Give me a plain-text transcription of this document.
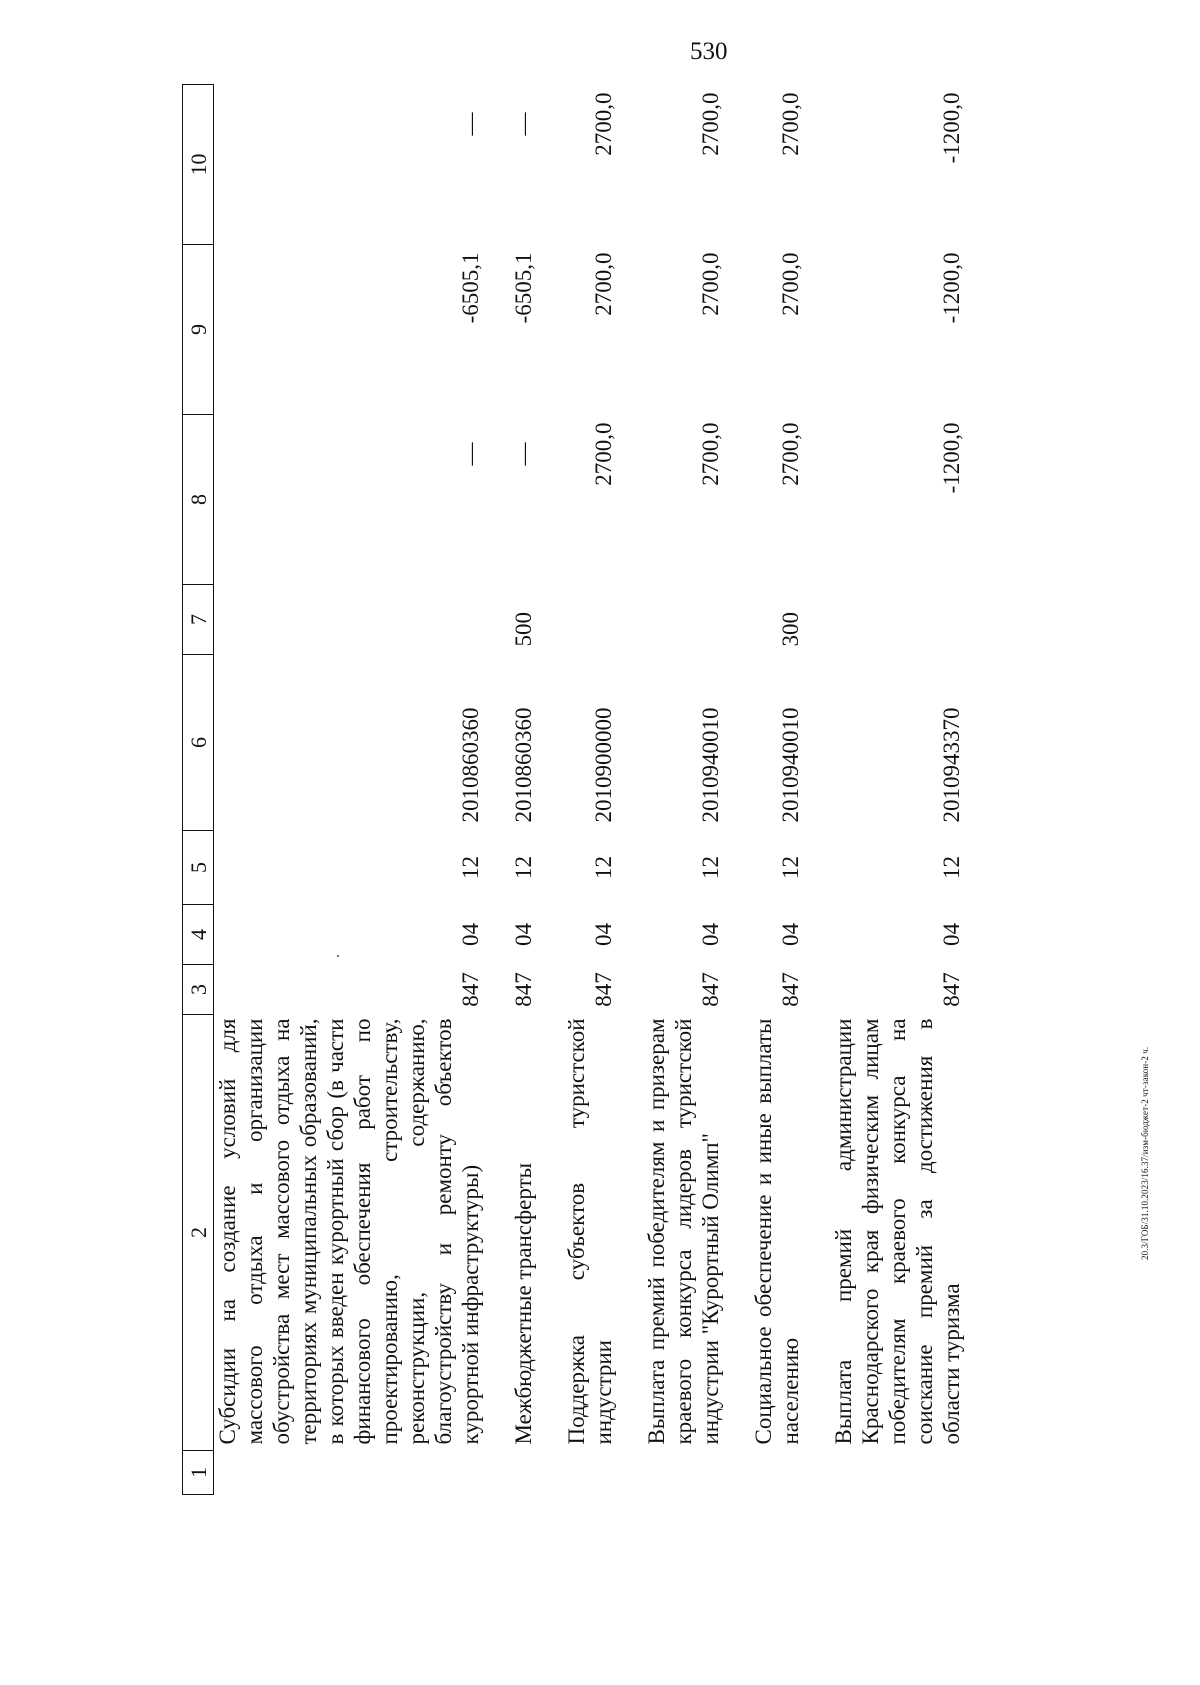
530
20.3/ГОБ/31.10.2023/16.37/изм-бюджет-2 чт-закон-2 ч.
1	2	3	4	5	6	7	8	9	10
	Субсидии на создание условий для массового отдыха и организации обустройства мест массового отдыха на территориях муниципальных образований, в которых введен курортный сбор (в части финансового обеспечения работ по проектированию, строительству, реконструкции, содержанию, благоустройству и ремонту объектов курортной инфраструктуры)	847	04	12	2010860360		—	-6505,1	—

	Межбюджетные трансферты	847	04	12	2010860360	500	—	-6505,1	—

	Поддержка субъектов туристской индустрии	847	04	12	2010900000		2700,0	2700,0	2700,0

	Выплата премий победителям и призерам краевого конкурса лидеров туристской индустрии "Курортный Олимп"	847	04	12	2010940010		2700,0	2700,0	2700,0

	Социальное обеспечение и иные выплаты населению	847	04	12	2010940010	300	2700,0	2700,0	2700,0

	Выплата премий администрации Краснодарского края физическим лицам победителям краевого конкурса на соискание премий за достижения в области туризма	847	04	12	2010943370		-1200,0	-1200,0	-1200,0
